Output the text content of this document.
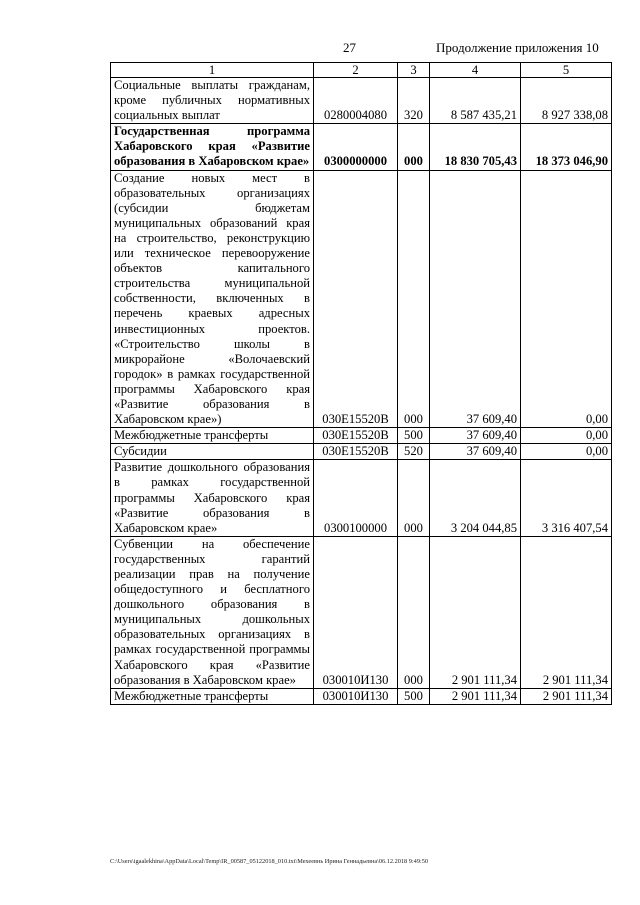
27	Продолжение приложения 10
1	2	3	4	5
Социальные выплаты гражданам, кроме публичных нормативных социальных выплат	0280004080	320	8 587 435,21	8 927 338,08
Государственная программа Хабаровского края «Развитие образования в Хабаровском крае»	0300000000	000	18 830 705,43	18 373 046,90
Создание новых мест в образовательных организациях (субсидии бюджетам муниципальных образований края на строительство, реконструкцию или техническое перевооружение объектов капитального строительства муниципальной собственности, включенных в перечень краевых адресных инвестиционных проектов. «Строительство школы в микрорайоне «Волочаевский городок» в рамках государственной программы Хабаровского края «Развитие образования в Хабаровском крае»)	030E15520B	000	37 609,40	0,00
Межбюджетные трансферты	030E15520B	500	37 609,40	0,00
Субсидии	030E15520B	520	37 609,40	0,00
Развитие дошкольного образования в рамках государственной программы Хабаровского края «Развитие образования в Хабаровском крае»	0300100000	000	3 204 044,85	3 316 407,54
Субвенции на обеспечение государственных гарантий реализации прав на получение общедоступного и бесплатного дошкольного образования в муниципальных дошкольных образовательных организациях в рамках государственной программы Хабаровского края «Развитие образования в Хабаровском крае»	030010И130	000	2 901 111,34	2 901 111,34
Межбюджетные трансферты	030010И130	500	2 901 111,34	2 901 111,34
C:\Users\igaalekhina\AppData\Local\Temp\IR_00587_05122018_010.txt\Мехеевнь Ирина Геннадьевна\06.12.2018 9:49:50
